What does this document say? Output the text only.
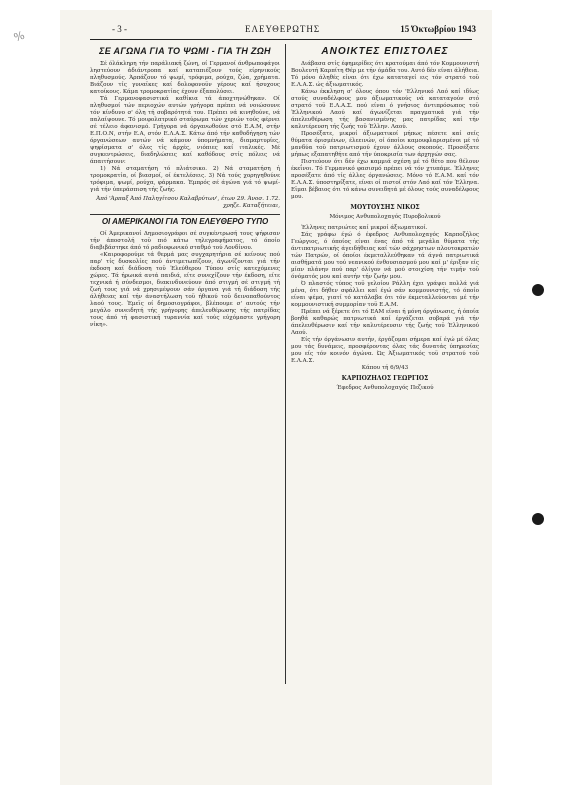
%	- 3 -	ΕΛΕΥΘΕΡΩΤΗΣ	15 Όκτωβρίου 1943
ΣΕ ΑΓΩΝΑ ΓΙΑ ΤΟ ΨΩΜΙ - ΓΙΑ ΤΗ ΖΩΗ

Σέ όλάκληρη τήν παράλιακή ζώνη, οί Γερμανοί άνθρωποφάγοι ληστεύουν άδιάντροπα καί καταπιέζουν τούς είρηνικούς πληθυσμούς. Άρπάζουν τό ψωμί, τρόφιμα, ρούχα, ζώα, χρήματα. Βιάζουν τίς γυναϊκες καί δολοφονοϋν γέρους καί ήσυχους κατοίκους. Κάμα τρομοκρατίας έχουν έξαπολύσει.

Τά Γερμανοφασιστικά καθίκια τά άποχτηνώθηκαν. Οί πληθυσμοί τών περιοχών αυτών γρήγορα πρέπει νά νοιώσουνε τόν κίνδυνο σ' όλη τή σοβαρότητά του. Πρέπει νά κινηθούνε, νά παλαίψουνε. Τό μοιφολατρικό σταύρωμα τών χεριών τούς φέρνει σέ τέλειο άφανισμό. Γρήγορα νά όργανωθούνε στό Ε.Α.Μ, στήν Ε.Π.Ο.Ν, στήν Ε.Α, στόν Ε.Λ.Α.Σ. Κάτω άπό τήν καθοδήγηση τών όργανώσεων αυτών νά κάμουν ύπομνήματα, διαμαρτυρίες, ψηφίσματα σ' όλες τίς άρχές, νιόπιες καί ιταλικές. Μέ συγκεντρώσεις, διαδηλώσεις καί καθόδους στίς πόλεις νά άπαιτήσουν:

1) Νά σταματήση τό πλιάτσικο. 2) Νά σταματήση ή τρομοκρατία, οί βιασμοί, οί έκτελέσεις. 3) Νά τούς χορηγηθούνε τρόφιμα, ψωμί, ρούχα, φάρμακα. Έμπρός σέ άγώνα γιά τό ψωμί-γιά τήν ύπεράσπιση τής ζωής.

Άπό 'Άρπαξ Άπό Παληγίτσου Καλαβρύτων', έτων 29. Άνοσ. 1.72. χρηζε. Καταξήτειαι,
ΟΙ ΑΜΕΡΙΚΑΝΟΙ ΓΙΑ ΤΟΝ ΕΛΕΥΘΕΡΟ ΤΥΠΟ

Οί Άμερικανοί Δημοσιογράφοι σέ συγκέντρωσή τους ψήφισαν τήν άποστολή τοϋ πιό κάτω τηλεγραφήματος, τό όποίο διαβιβάστηκε άπό τό ραδιοφωνικό σταθμό τού Λονδίνου.

«Καιροφορούμε τά θερμά μας συγχαρητήρια σέ κείνους πού παρ' τίς δυσκολίες πού άντιμετωπίζουν, άγωνίζονται γιά τήν έκδοση καί διάδοση τοϋ Έλεύθερου Τύπου στίς κατεχόμενες χώρες. Τά ήρωικά αυτά παιδιά, είτε συνεχίζουν τήν έκδοση, είτε τεχνικά ή σύνδεσμοι, διακινδυνεύουν άπό στιγμή σέ στιγμή τή ζωή τους γιά νά χρησιμέψουν σάν όργανα γιά τή διάδοση τής άλήθειας καί τήν άναστήλωση τοϋ ήθικού τοϋ δεινοπαθούντος λαού τους. Έμεϊς οί δημοσιογράφοι, βλέπουμε σ' αυτούς τήν μεγάλο συνειδητή τής γρήγορης άπελευθέρωσης τής πατρίδας τους άπό τή φασιστική τυραννία καί τούς εύχόμαστε γρήγορη νίκη».

ΑΝΟΙΚΤΕΣ ΕΠΙΣΤΟΛΕΣ

Διάβασα στίς έφημερίδες ότι κρατούμαι άπό τόν Κομμουνιστή Βουλευτή Καρπίτη Θέρ με τήν όμάδα του. Αυτό δέν είναι άλήθεια. Τό μόνο άληθές είναι ότι έχω καταταγεί εις τόν στρατό τοϋ Ε.Λ.Α.Σ. ώς άξιωματικός.

Κάνω έκκληση σ' όλους όπου τόν 'Ελληνικό Λαό καί ιδίως στούς συναδέλφους μου άξιωματικούς νά καταταγούν στό στρατό τοϋ Ε.Λ.Α.Σ. πού είναι ό γνήσιος άντιπρόσωπος τοϋ Έλληνικού Λαού καί άγωνίζεται πραγματικά γιά τήν άπελευθέρωση τής βασανισμένης μας πατρίδας καί τήν καλυτέρευση τής ζωής τοϋ Έλλην. Λαού.

Προσέξατε, μικροί άξιωματικοί μήπως πέσετε καί σείς θύματα όρισμένων, έλεεινών, οί όποίοι καμουφλαρισμένοι μέ τό μανδύα τοϋ πατριωτισμού έχουν άλλους σκοπούς. Προσέξατε μήπως εξαπατηθήτε από τήν ύποκρισία των άρχηγών σας.

Πιστεύουν ότι δέν έχω καμμιά σχέση μέ τό θέτο που θέλουν έκεΐνοι. Τό Γερμανικό φασισμό πρέπει νά τόν χτυπάμε. Έλληνες προσέξατε άπό τίς άλλες όργανώσεις. Μόνο τό Ε.Α.Μ. καί τόν Ε.Λ.Α.Σ. ύποστηρίξατε, είναι οί πιστοί στόν Λαό καί τόν Έλληνα. Εϊμαι βέβαιος ότι τό κάνω συνειδητά μέ όλους τούς συναδέλφους μου.

ΜΟΥΤΟΥΣΗΣ ΝΙΚΟΣ
Μόνιμος Ανθυπολοχαγός Πυροβολικού

Έλληνες πατριώτες καί μικροί άξιωματικοί.

Σάς γράφω έγώ ό έφεδρος Ανθυπολοχαγός Καρποζήλος Γεώργιος, ό όποίος είναι ένας άπό τά μεγάλα θύματα τής άντιπατριωτικής άγειδήθειας καί τών σάχρηστων πλουτοκρατών τών Πατρών, οί όποίοι έκμεταλλεύθηκαν τά άγνά πατριωτικά αισθήματά μου τού νεανικού ένθουσιασμού μου καί μ' έριξαν είς μίαν πλάνην πού παρ' όλίγον νά μού στοιχίση τήν τιμήν τοϋ όνόματός μου καί αυτήν τήν ζωήν μου.

Ό πλαστός τύπος τοϋ γελοίου Ράλλη έχει γράψει πολλά γιά μένα, ότι δήθεν σφάλλει καί έγώ σάν κομμουνιστής, τό όποίο είναι ψέμα, γιατί τό κατάλαβα ότι τόν έκμεταλλεύονται μέ τήν κομμουνιστική συμμορίαν τοϋ Ε.Α.Μ.

Πρέπει νά ξέρετε ότι τό ΕΑΜ είναι ή μόνη όργάνωσις, ή όποία βοηθά καθαρώς πατριωτικά καί έργάζεται σοβαρά γιά τήν άπελευθέρωσιν καί τήν καλυτέρευσιν τής ζωής τοϋ Έλληνικού Λαού.

Είς τήν όργάνωσιν αυτήν, έργάζομαι σήμερα καί έγώ μέ όλας μου τάς δυνάμεις, προσφέροντας όλας τάς δυνατάς ύπηρεσίας μου είς τόν κοινόν άγώνα. Ώς Άξιωματικός τοϋ στρατού τοϋ Ε.Λ.Α.Σ.

Κάπου τή 6/9/43
ΚΑΡΠΟΖΗΛΟΣ ΓΕΩΡΓΙΟΣ
Έφεδρος Ανθυπολοχαγός Πεζικού
